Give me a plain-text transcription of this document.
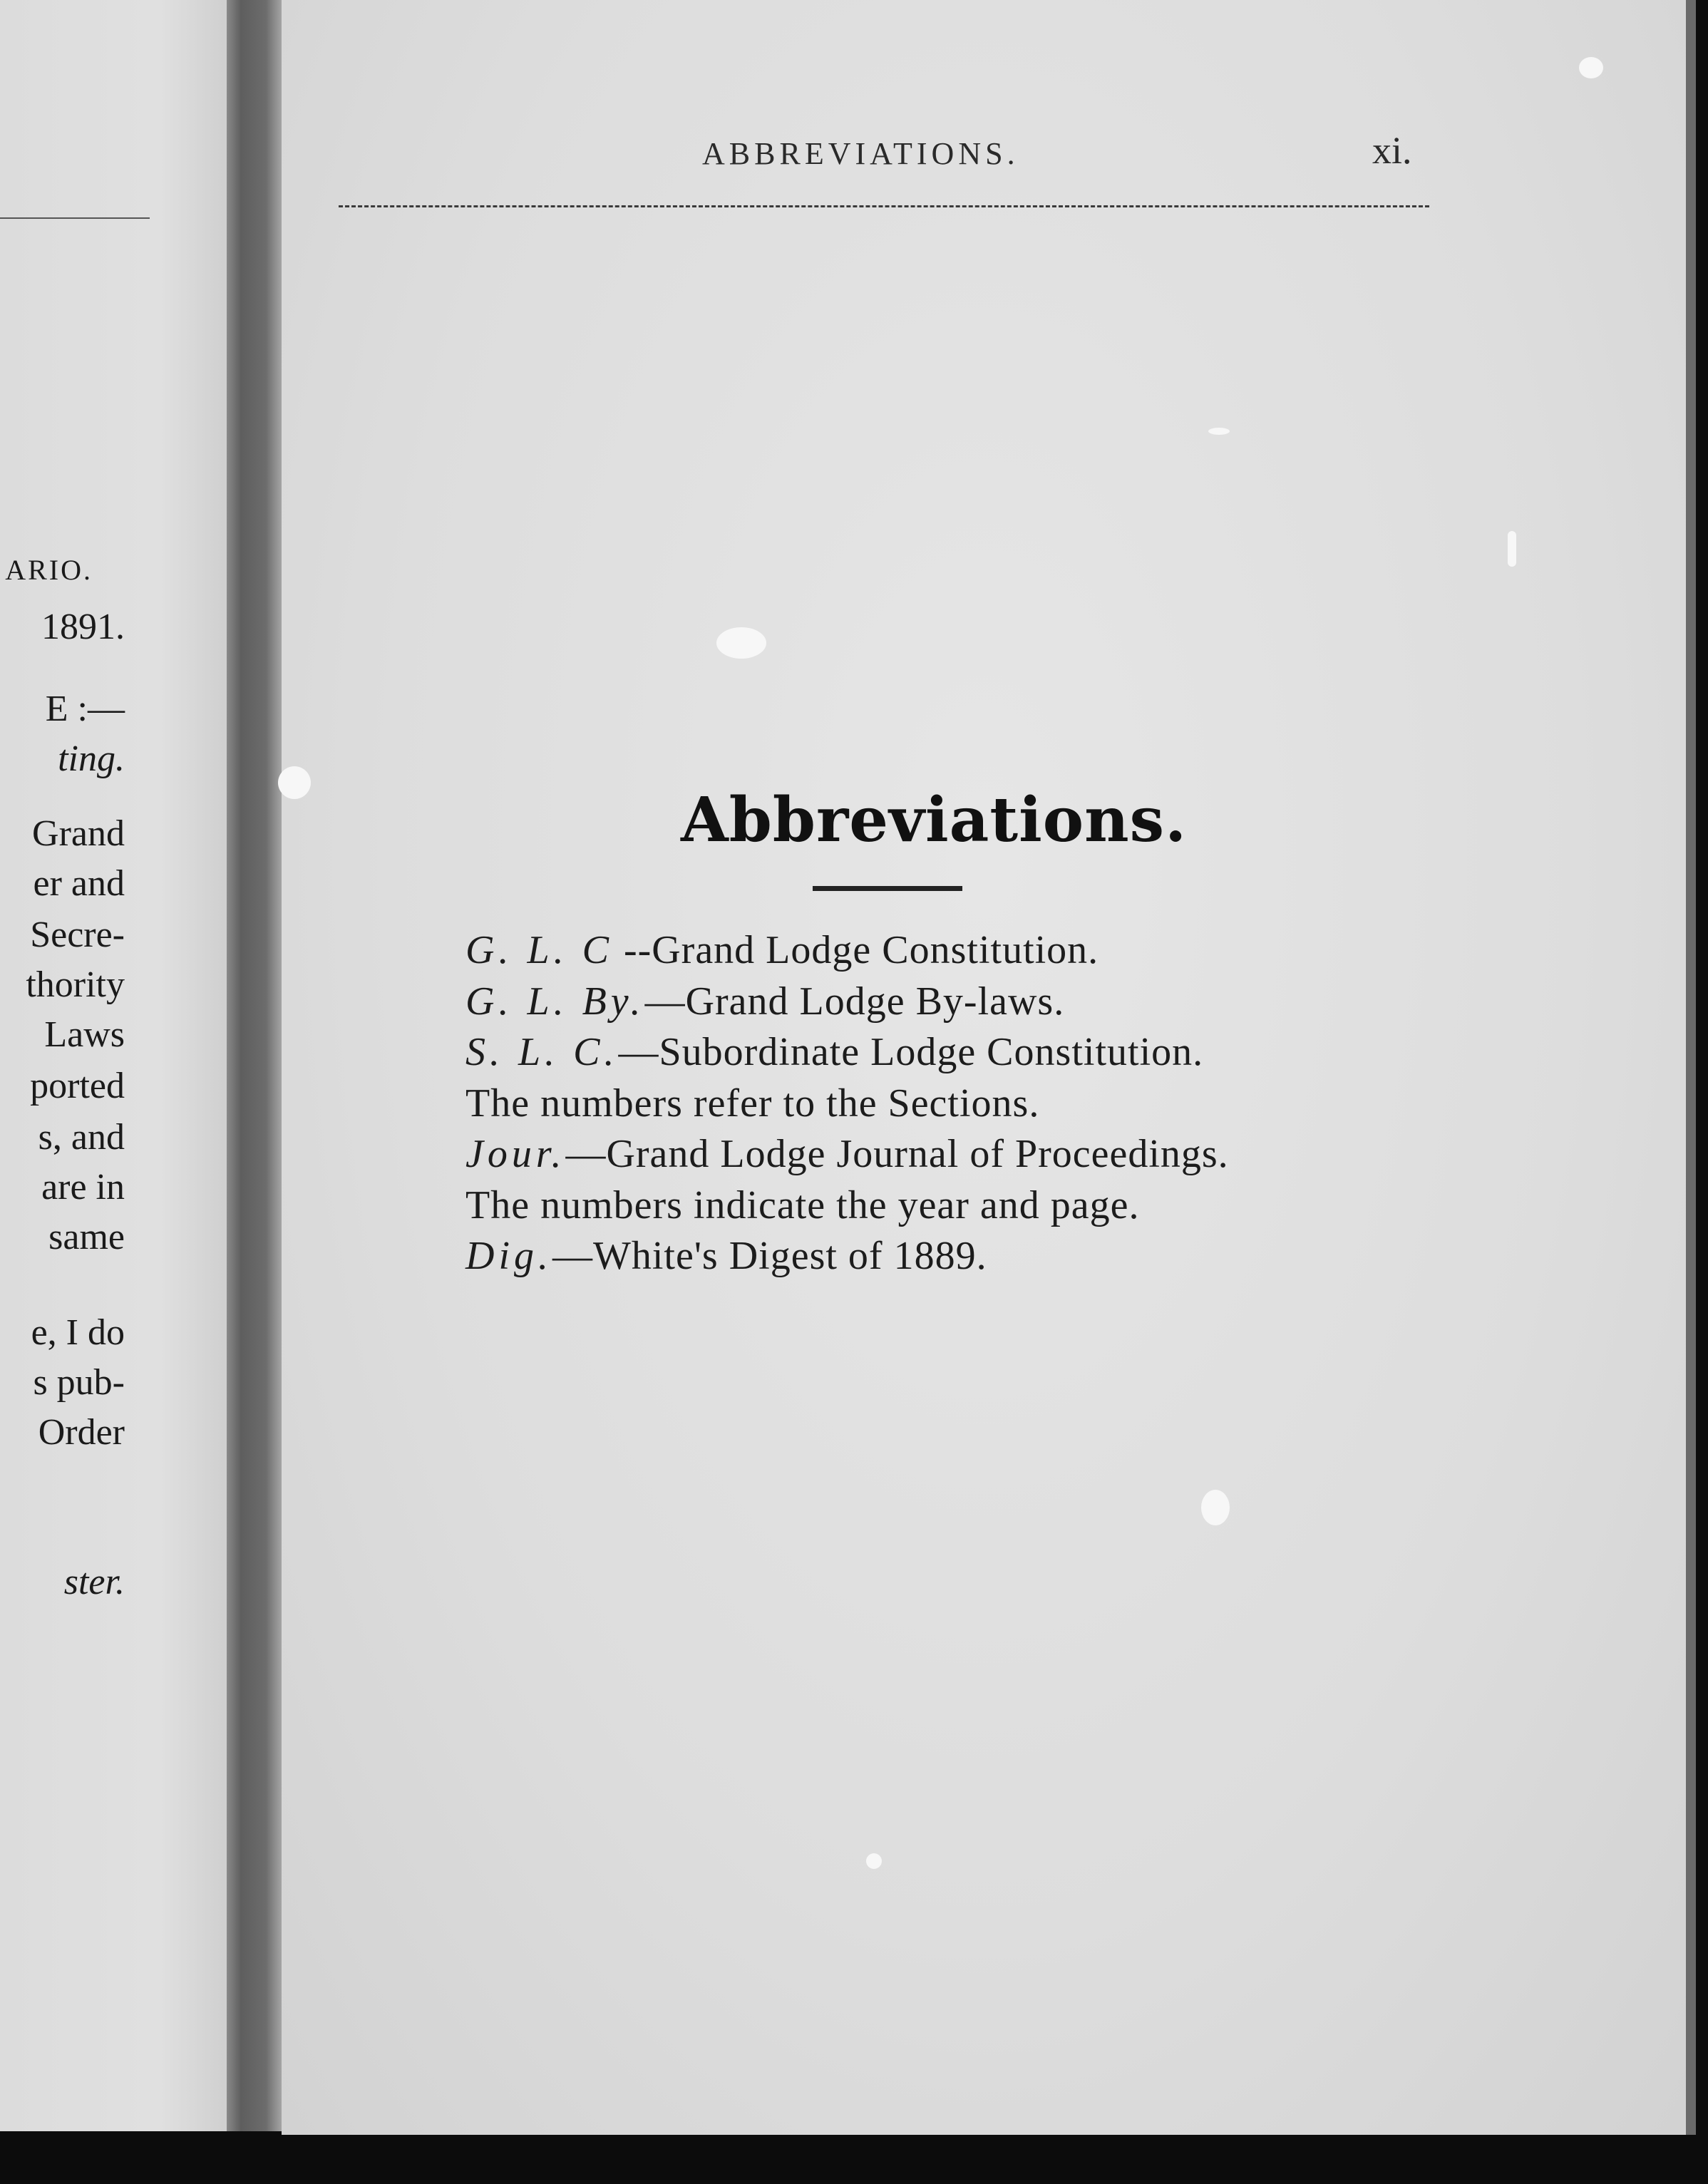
ARIO.
1891.
E :—
ting.
Grand
er and
Secre-
thority
Laws
ported
s, and
are in
same
e, I do
s pub-
Order
ster.
ABBREVIATIONS.	xi.
Abbreviations.
G. L. C --Grand Lodge Constitution.
G. L. By.—Grand Lodge By-laws.
S. L. C.—Subordinate Lodge Constitution.
The numbers refer to the Sections.
Jour.—Grand Lodge Journal of Proceedings.
The numbers indicate the year and page.
Dig.—White's Digest of 1889.
